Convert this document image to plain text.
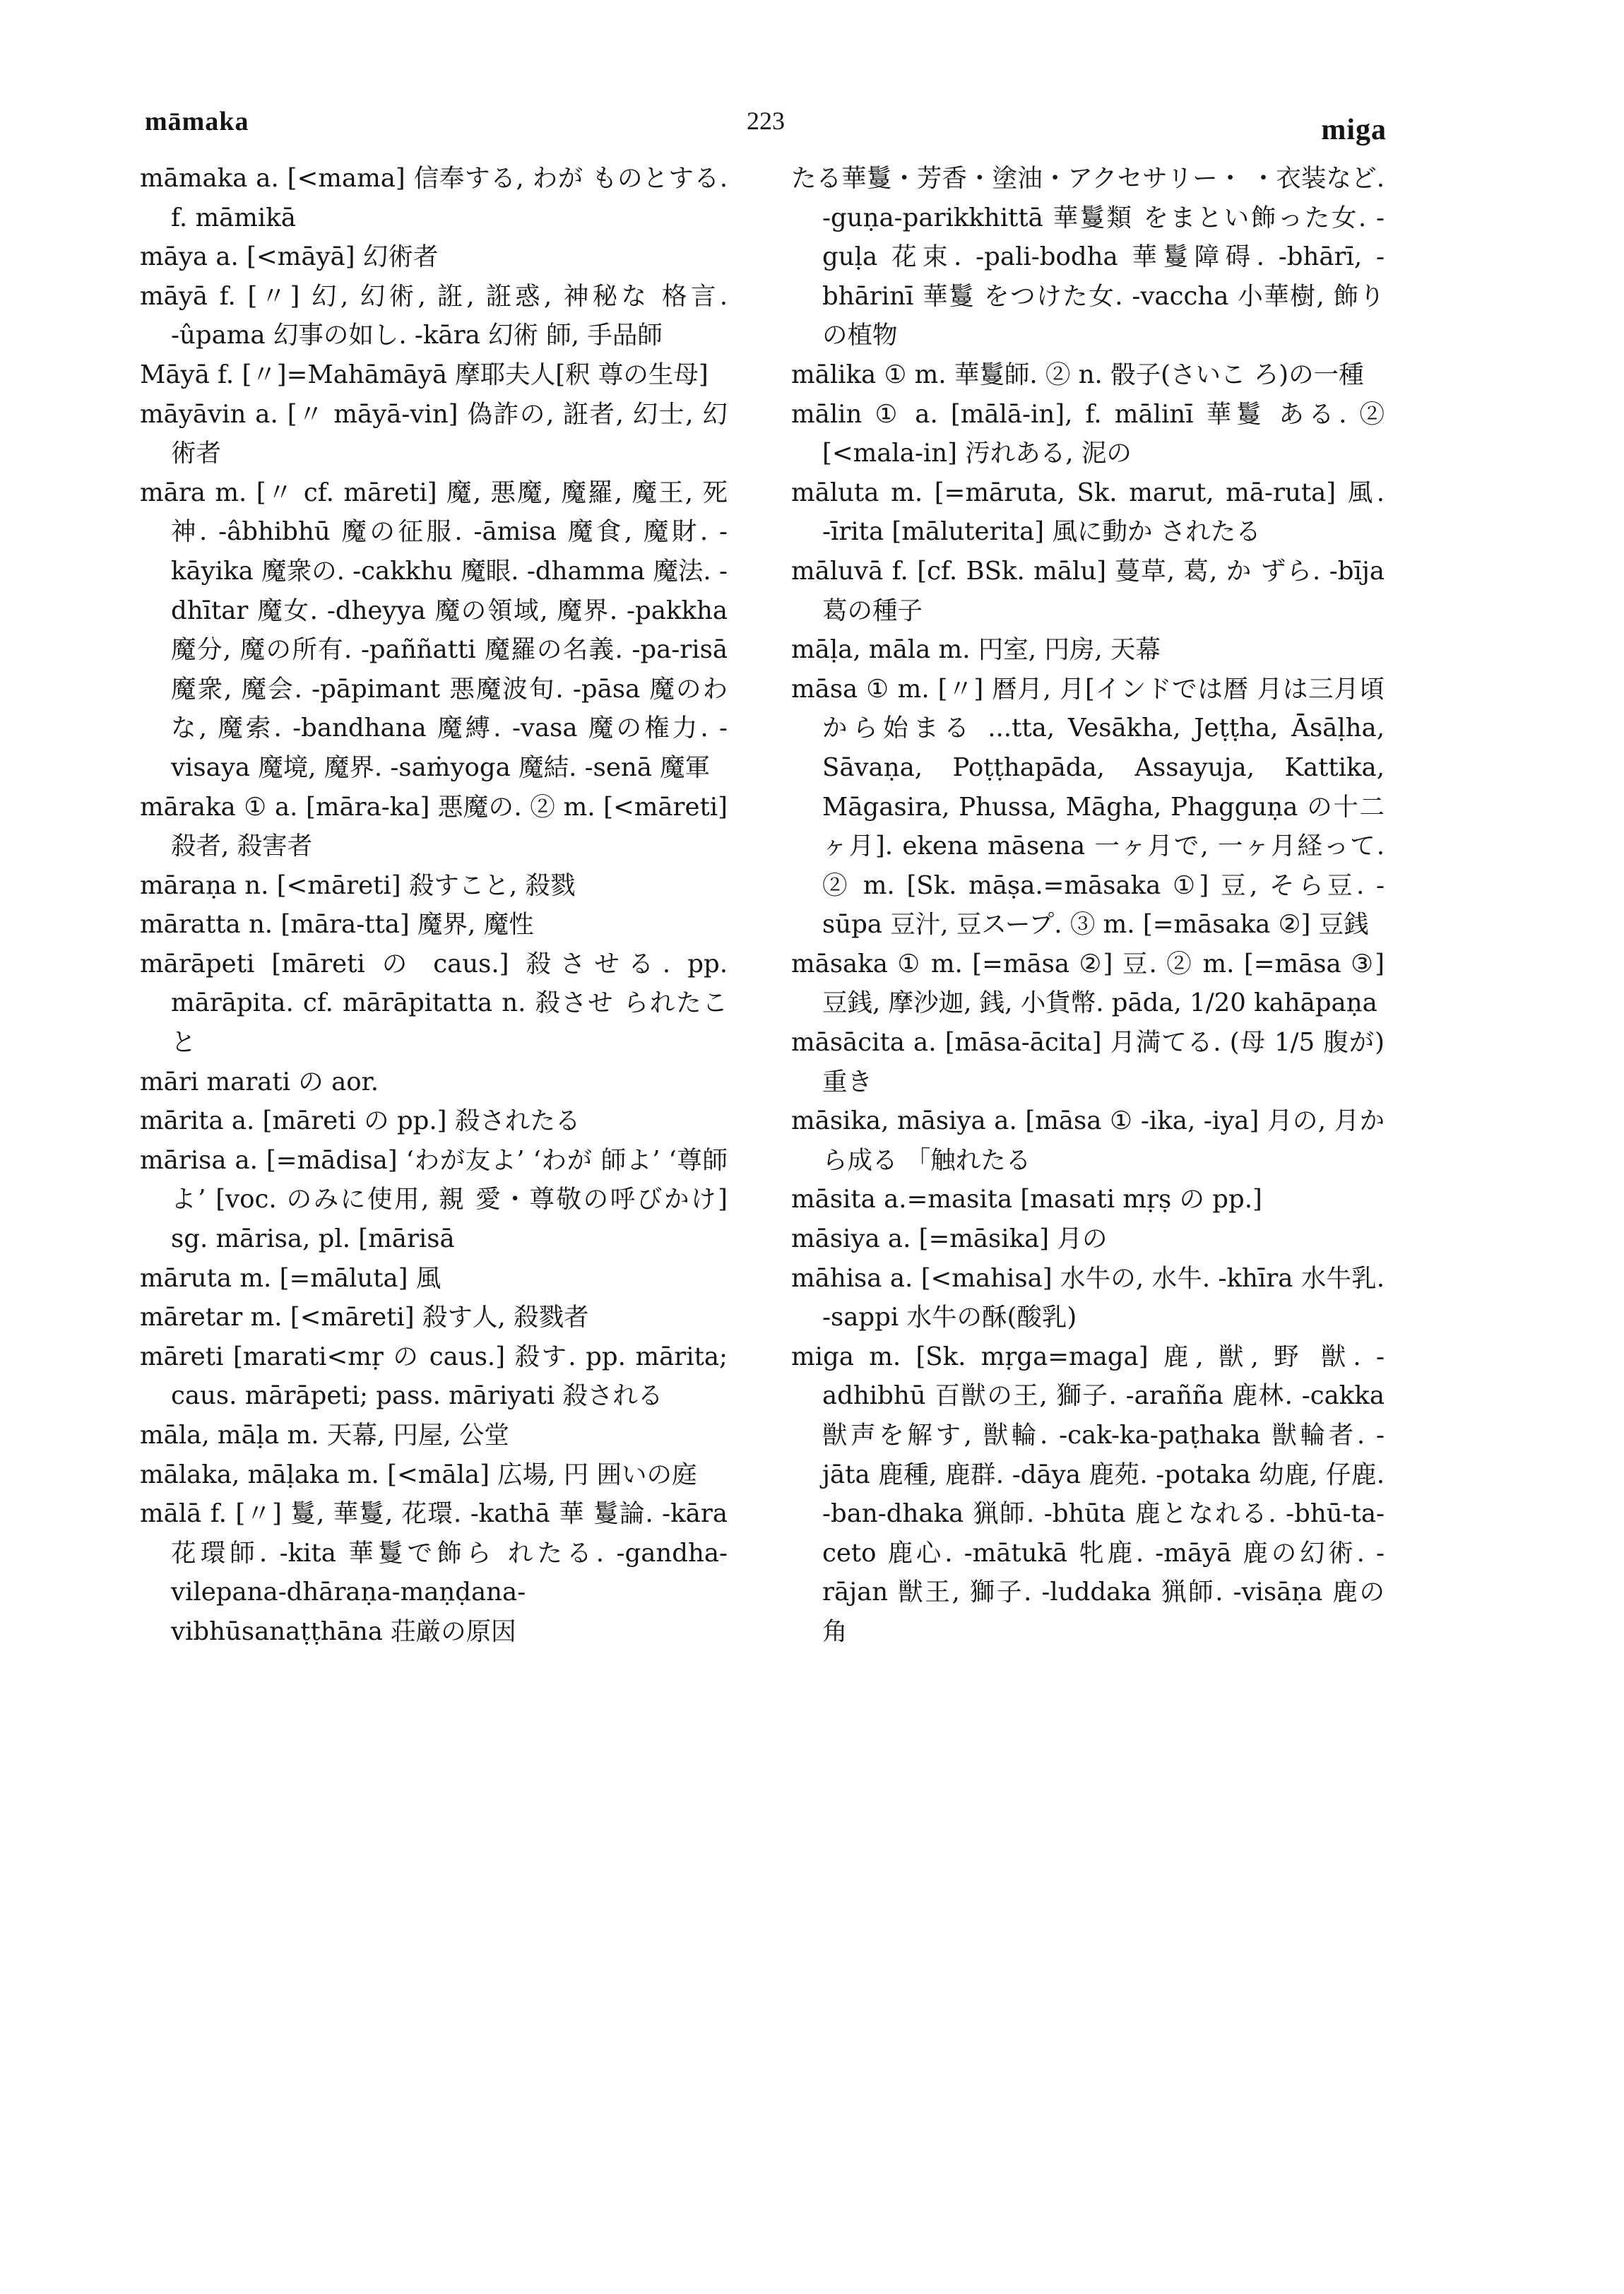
223
māmaka	miga
māmaka a. [<mama] 信奉する, わが ものとする. f. māmikā
māya a. [<māyā] 幻術者
māyā f. [〃] 幻, 幻術, 誑, 誑惑, 神秘な 格言. -ûpama 幻事の如し. -kāra 幻術 師, 手品師
Māyā f. [〃]=Mahāmāyā 摩耶夫人[釈 尊の生母]
māyāvin a. [〃 māyā-vin] 偽詐の, 誑者, 幻士, 幻術者
māra m. [〃 cf. māreti] 魔, 悪魔, 魔羅, 魔王, 死神. -âbhibhū 魔の征服. -āmisa 魔食, 魔財. -kāyika 魔衆の. -cakkhu 魔眼. -dhamma 魔法. -dhītar 魔女. -dheyya 魔の領域, 魔界. -pakkha 魔分, 魔の所有. -paññatti 魔羅の名義. -pa-risā 魔衆, 魔会. -pāpimant 悪魔波旬. -pāsa 魔のわな, 魔索. -bandhana 魔縛. -vasa 魔の権力. -visaya 魔境, 魔界. -saṁyoga 魔結. -senā 魔軍
māraka ① a. [māra-ka] 悪魔の. ② m. [<māreti] 殺者, 殺害者
māraṇa n. [<māreti] 殺すこと, 殺戮
māratta n. [māra-tta] 魔界, 魔性
mārāpeti [māreti の caus.] 殺させる. pp. mārāpita. cf. mārāpitatta n. 殺させ られたこと
māri marati の aor.
mārita a. [māreti の pp.] 殺されたる
mārisa a. [=mādisa] ‘わが友よ’ ‘わが 師よ’ ‘尊師よ’ [voc. のみに使用, 親 愛・尊敬の呼びかけ] sg. mārisa, pl. [mārisā
māruta m. [=māluta] 風
māretar m. [<māreti] 殺す人, 殺戮者
māreti [marati<mṛ の caus.] 殺す. pp. mārita; caus. mārāpeti; pass. māriyati 殺される
māla, māḷa m. 天幕, 円屋, 公堂
mālaka, māḷaka m. [<māla] 広場, 円 囲いの庭
mālā f. [〃] 鬘, 華鬘, 花環. -kathā 華 鬘論. -kāra 花環師. -kita 華鬘で飾ら れたる. -gandha-vilepana-dhāraṇa-maṇḍana-vibhūsanaṭṭhāna 荘厳の原因
たる華鬘・芳香・塗油・アクセサリー・ ・衣装など. -guṇa-parikkhittā 華鬘類 をまとい飾った女. -guḷa 花束. -pali-bodha 華鬘障碍. -bhārī, -bhārinī 華鬘 をつけた女. -vaccha 小華樹, 飾りの植物
mālika ① m. 華鬘師. ② n. 骰子(さいこ ろ)の一種
mālin ① a. [mālā-in], f. mālinī 華鬘 ある. ② [<mala-in] 汚れある, 泥の
māluta m. [=māruta, Sk. marut, mā-ruta] 風. -īrita [māluterita] 風に動か されたる
māluvā f. [cf. BSk. mālu] 蔓草, 葛, か ずら. -bīja 葛の種子
māḷa, māla m. 円室, 円房, 天幕
māsa ① m. [〃] 暦月, 月[インドでは暦 月は三月頃から始まる ...tta, Vesākha, Jeṭṭha, Āsāḷha, Sāvaṇa, Poṭṭhapāda, Assayuja, Kattika, Māgasira, Phussa, Māgha, Phagguṇa の十二ヶ月]. ekena māsena 一ヶ月で, 一ヶ月経って. ② m. [Sk. māṣa.=māsaka ①] 豆, そら豆. -sūpa 豆汁, 豆スープ. ③ m. [=māsaka ②] 豆銭
māsaka ① m. [=māsa ②] 豆. ② m. [=māsa ③] 豆銭, 摩沙迦, 銭, 小貨幣. pāda, 1/20 kahāpaṇa
māsācita a. [māsa-ācita] 月満てる. (母 1/5 腹が)重き
māsika, māsiya a. [māsa ① -ika, -iya] 月の, 月から成る 「触れたる
māsita a.=masita [masati mṛṣ の pp.]
māsiya a. [=māsika] 月の
māhisa a. [<mahisa] 水牛の, 水牛. -khīra 水牛乳. -sappi 水牛の酥(酸乳)
miga m. [Sk. mṛga=maga] 鹿, 獣, 野 獣. -adhibhū 百獣の王, 獅子. -arañña 鹿林. -cakka 獣声を解す, 獣輪. -cak-ka-paṭhaka 獣輪者. -jāta 鹿種, 鹿群. -dāya 鹿苑. -potaka 幼鹿, 仔鹿. -ban-dhaka 猟師. -bhūta 鹿となれる. -bhū-ta-ceto 鹿心. -mātukā 牝鹿. -māyā 鹿の幻術. -rājan 獣王, 獅子. -luddaka 猟師. -visāṇa 鹿の角
